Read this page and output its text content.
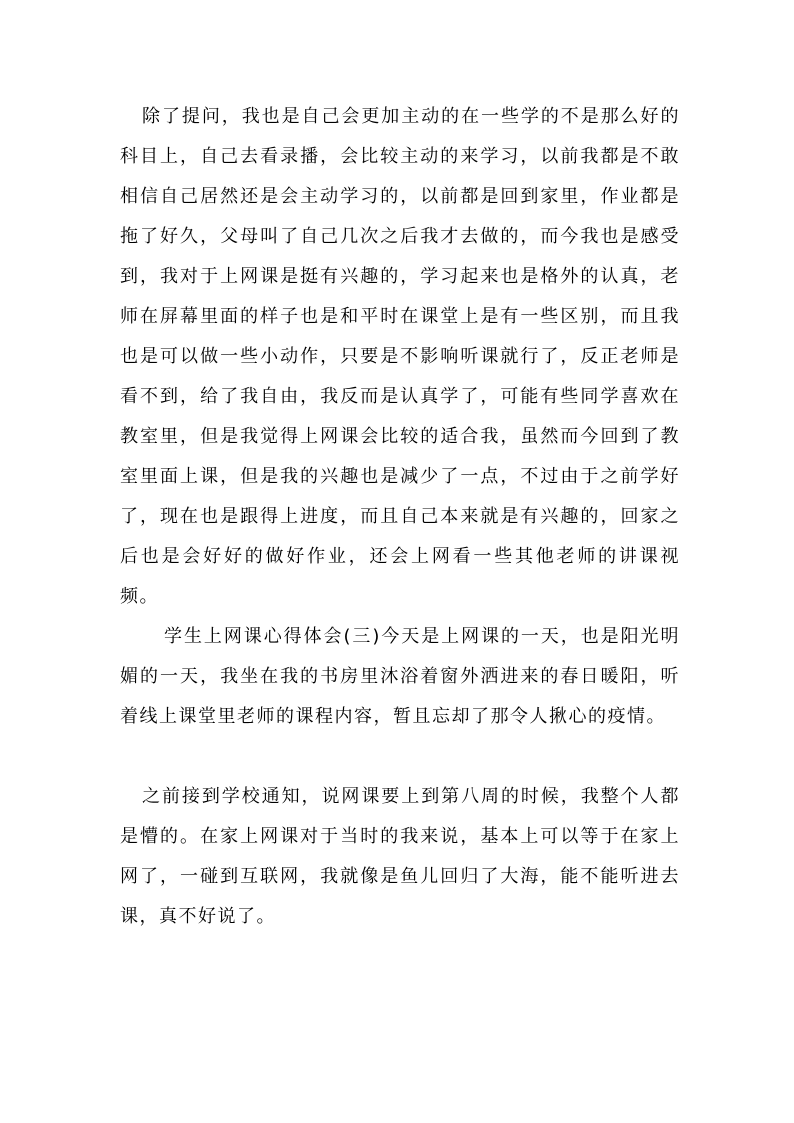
除了提问，我也是自己会更加主动的在一些学的不是那么好的科目上，自己去看录播，会比较主动的来学习，以前我都是不敢相信自己居然还是会主动学习的，以前都是回到家里，作业都是拖了好久，父母叫了自己几次之后我才去做的，而今我也是感受到，我对于上网课是挺有兴趣的，学习起来也是格外的认真，老师在屏幕里面的样子也是和平时在课堂上是有一些区别，而且我也是可以做一些小动作，只要是不影响听课就行了，反正老师是看不到，给了我自由，我反而是认真学了，可能有些同学喜欢在教室里，但是我觉得上网课会比较的适合我，虽然而今回到了教室里面上课，但是我的兴趣也是减少了一点，不过由于之前学好了，现在也是跟得上进度，而且自己本来就是有兴趣的，回家之后也是会好好的做好作业，还会上网看一些其他老师的讲课视频。

学生上网课心得体会(三)今天是上网课的一天，也是阳光明媚的一天，我坐在我的书房里沐浴着窗外洒进来的春日暖阳，听着线上课堂里老师的课程内容，暂且忘却了那令人揪心的疫情。

之前接到学校通知，说网课要上到第八周的时候，我整个人都是懵的。在家上网课对于当时的我来说，基本上可以等于在家上网了，一碰到互联网，我就像是鱼儿回归了大海，能不能听进去课，真不好说了。
